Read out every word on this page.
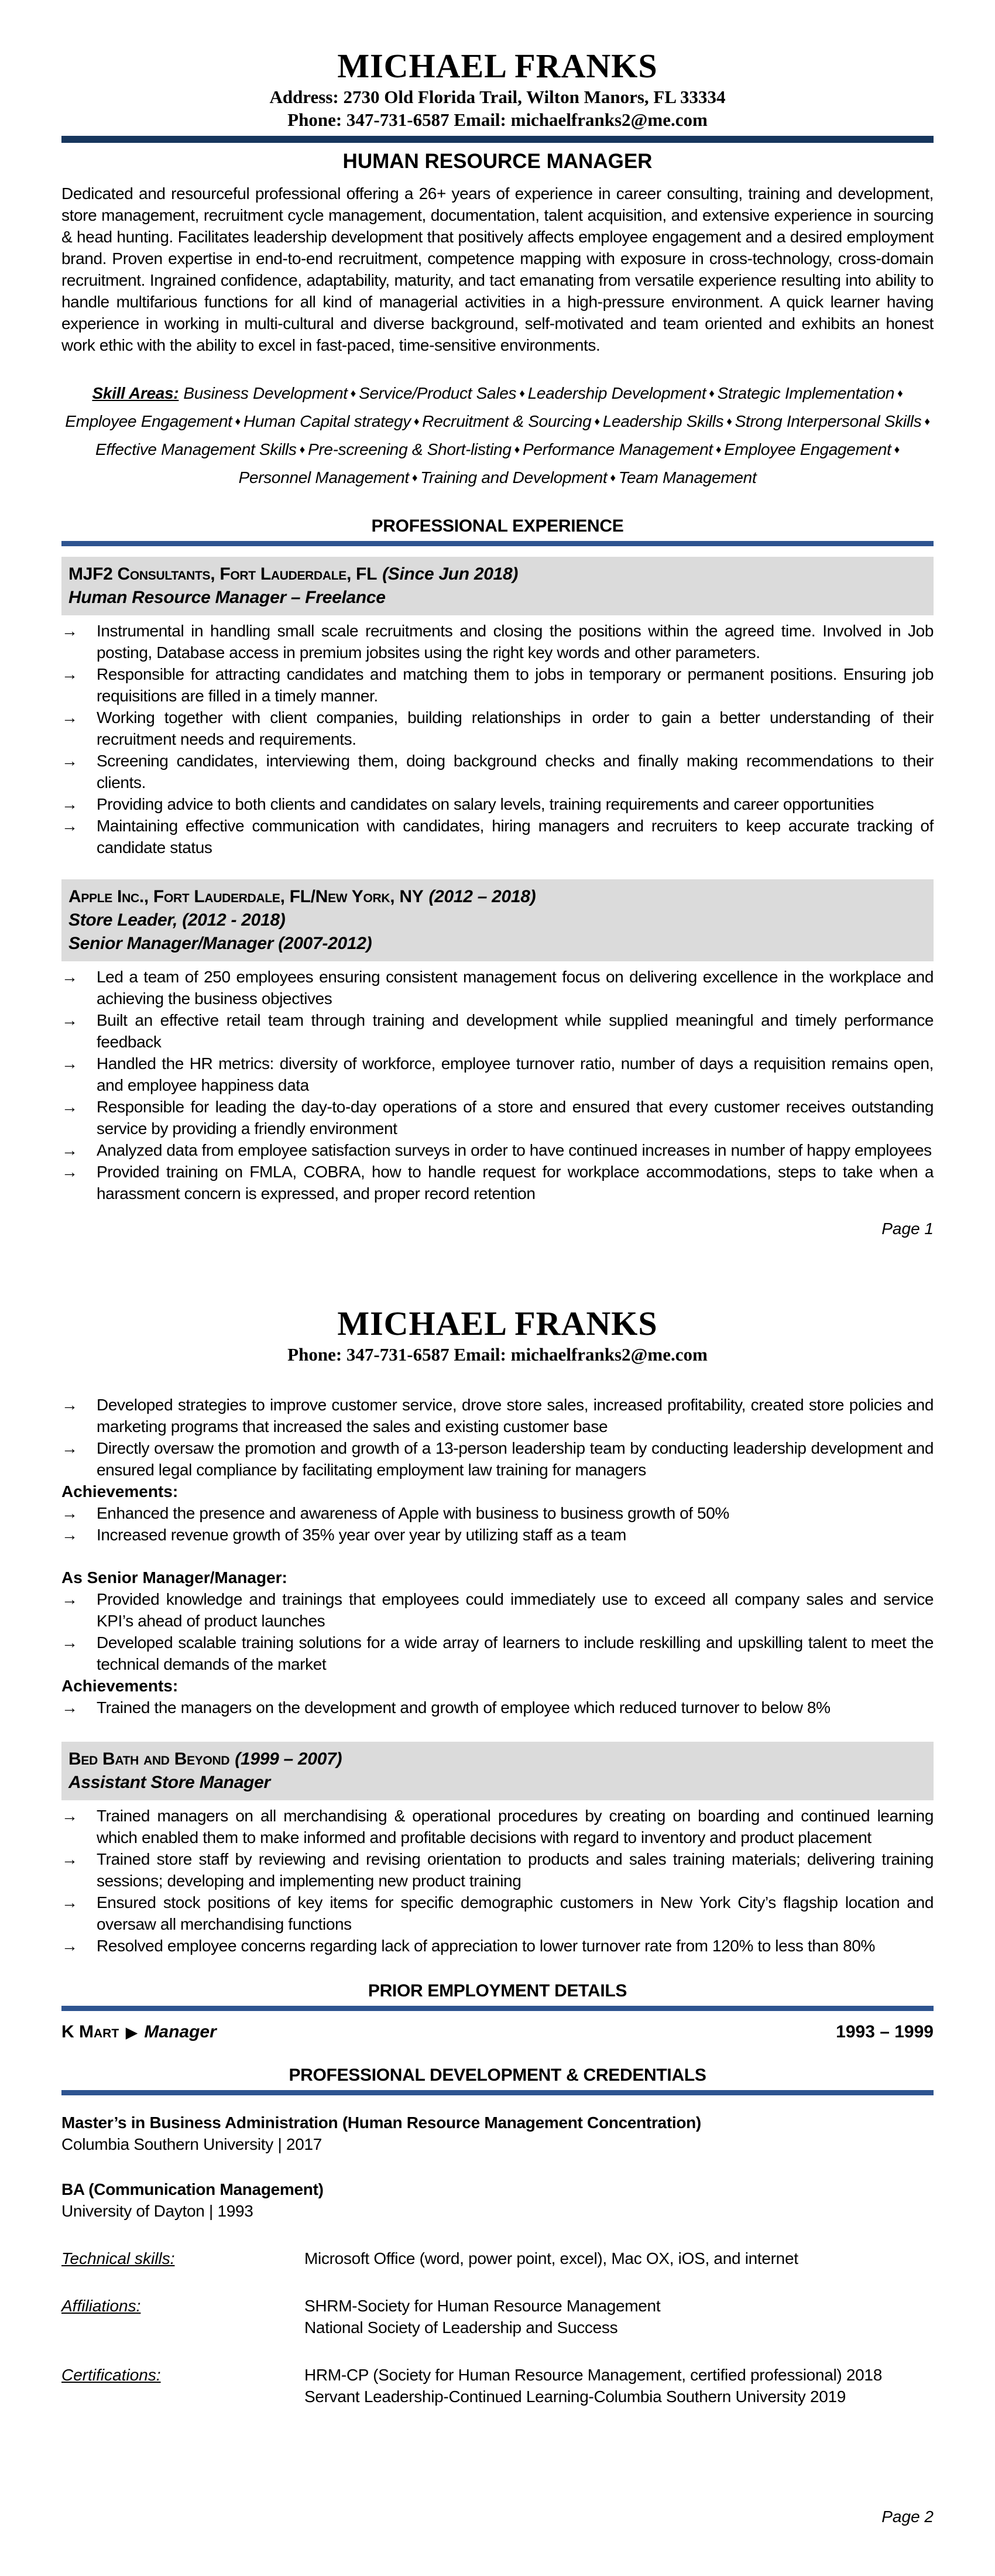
MICHAEL FRANKS
Address: 2730 Old Florida Trail, Wilton Manors, FL 33334
Phone: 347-731-6587 Email: michaelfranks2@me.com
HUMAN RESOURCE MANAGER
Dedicated and resourceful professional offering a 26+ years of experience in career consulting, training and development, store management, recruitment cycle management, documentation, talent acquisition, and extensive experience in sourcing & head hunting. Facilitates leadership development that positively affects employee engagement and a desired employment brand. Proven expertise in end-to-end recruitment, competence mapping with exposure in cross-technology, cross-domain recruitment. Ingrained confidence, adaptability, maturity, and tact emanating from versatile experience resulting into ability to handle multifarious functions for all kind of managerial activities in a high-pressure environment. A quick learner having experience in working in multi-cultural and diverse background, self-motivated and team oriented and exhibits an honest work ethic with the ability to excel in fast-paced, time-sensitive environments.
Skill Areas: Business Development ♦ Service/Product Sales ♦ Leadership Development ♦ Strategic Implementation ♦ Employee Engagement ♦ Human Capital strategy ♦ Recruitment & Sourcing ♦ Leadership Skills ♦ Strong Interpersonal Skills ♦ Effective Management Skills ♦ Pre-screening & Short-listing ♦ Performance Management ♦ Employee Engagement ♦ Personnel Management ♦ Training and Development ♦ Team Management
PROFESSIONAL EXPERIENCE
MJF2 Consultants, Fort Lauderdale, FL (Since Jun 2018)
Human Resource Manager – Freelance
→	Instrumental in handling small scale recruitments and closing the positions within the agreed time. Involved in Job posting, Database access in premium jobsites using the right key words and other parameters.
→	Responsible for attracting candidates and matching them to jobs in temporary or permanent positions. Ensuring job requisitions are filled in a timely manner.
→	Working together with client companies, building relationships in order to gain a better understanding of their recruitment needs and requirements.
→	Screening candidates, interviewing them, doing background checks and finally making recommendations to their clients.
→	Providing advice to both clients and candidates on salary levels, training requirements and career opportunities
→	Maintaining effective communication with candidates, hiring managers and recruiters to keep accurate tracking of candidate status
Apple Inc., Fort Lauderdale, FL/New York, NY (2012 – 2018)
Store Leader, (2012 - 2018)
Senior Manager/Manager (2007-2012)
→	Led a team of 250 employees ensuring consistent management focus on delivering excellence in the workplace and achieving the business objectives
→	Built an effective retail team through training and development while supplied meaningful and timely performance feedback
→	Handled the HR metrics: diversity of workforce, employee turnover ratio, number of days a requisition remains open, and employee happiness data
→	Responsible for leading the day-to-day operations of a store and ensured that every customer receives outstanding service by providing a friendly environment
→	Analyzed data from employee satisfaction surveys in order to have continued increases in number of happy employees
→	Provided training on FMLA, COBRA, how to handle request for workplace accommodations, steps to take when a harassment concern is expressed, and proper record retention
Page 1
MICHAEL FRANKS
Phone: 347-731-6587 Email: michaelfranks2@me.com
→	Developed strategies to improve customer service, drove store sales, increased profitability, created store policies and marketing programs that increased the sales and existing customer base
→	Directly oversaw the promotion and growth of a 13-person leadership team by conducting leadership development and ensured legal compliance by facilitating employment law training for managers
Achievements:
→	Enhanced the presence and awareness of Apple with business to business growth of 50%
→	Increased revenue growth of 35% year over year by utilizing staff as a team
As Senior Manager/Manager:
→	Provided knowledge and trainings that employees could immediately use to exceed all company sales and service KPI’s ahead of product launches
→	Developed scalable training solutions for a wide array of learners to include reskilling and upskilling talent to meet the technical demands of the market
Achievements:
→	Trained the managers on the development and growth of employee which reduced turnover to below 8%
Bed Bath and Beyond (1999 – 2007)
Assistant Store Manager
→	Trained managers on all merchandising & operational procedures by creating on boarding and continued learning which enabled them to make informed and profitable decisions with regard to inventory and product placement
→	Trained store staff by reviewing and revising orientation to products and sales training materials; delivering training sessions; developing and implementing new product training
→	Ensured stock positions of key items for specific demographic customers in New York City’s flagship location and oversaw all merchandising functions
→	Resolved employee concerns regarding lack of appreciation to lower turnover rate from 120% to less than 80%
PRIOR EMPLOYMENT DETAILS
K Mart ▶ Manager	1993 – 1999
PROFESSIONAL DEVELOPMENT & CREDENTIALS
Master’s in Business Administration (Human Resource Management Concentration)
Columbia Southern University | 2017
BA (Communication Management)
University of Dayton | 1993
Technical skills:	Microsoft Office (word, power point, excel), Mac OX, iOS, and internet
Affiliations:	SHRM-Society for Human Resource Management
National Society of Leadership and Success
Certifications:	HRM-CP (Society for Human Resource Management, certified professional) 2018
Servant Leadership-Continued Learning-Columbia Southern University 2019
Page 2
